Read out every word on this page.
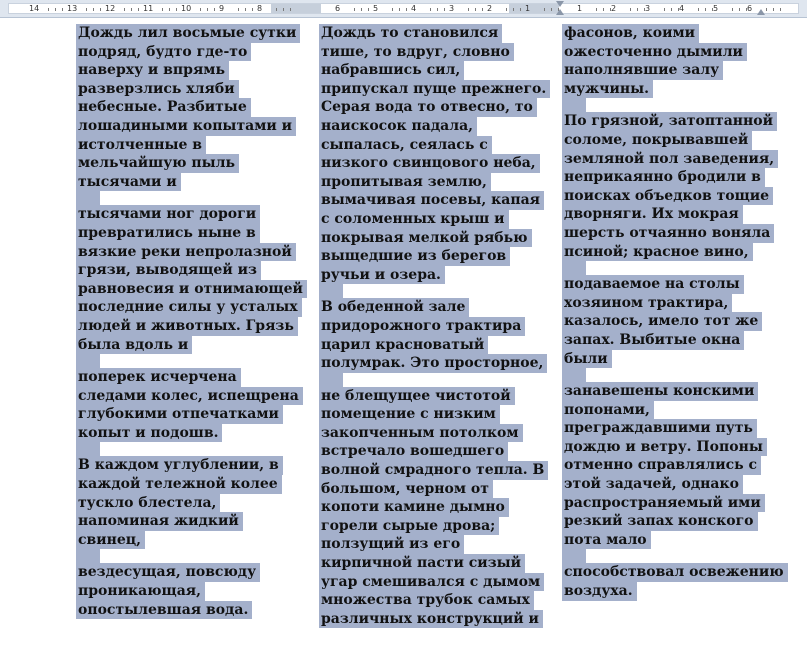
14	13	12	11	10	9	8	6	5	4	3	2	1	1	2	3	4	5	6
Дождь лил восьмые сутки
подряд, будто где-то
наверху и впрямь
разверзлись хляби
небесные. Разбитые
лошадиными копытами и
истолченные в
мельчайшую пыль
тысячами и
тысячами ног дороги
превратились ныне в
вязкие реки непролазной
грязи, выводящей из
равновесия и отнимающей
последние силы у усталых
людей и животных. Грязь
была вдоль и
поперек исчерчена
следами колес, испещрена
глубокими отпечатками
копыт и подошв.
В каждом углублении, в
каждой тележной колее
тускло блестела,
напоминая жидкий
свинец,
вездесущая, повсюду
проникающая,
опостылевшая вода.
Дождь то становился
тише, то вдруг, словно
набравшись сил,
припускал пуще прежнего.
Серая вода то отвесно, то
наискосок падала,
сыпалась, сеялась с
низкого свинцового неба,
пропитывая землю,
вымачивая посевы, капая
с соломенных крыш и
покрывая мелкой рябью
выщедшие из берегов
ручьи и озера.
В обеденной зале
придорожного трактира
царил красноватый
полумрак. Это просторное,
не блещущее чистотой
помещение с низким
закопченным потолком
встречало вошедшего
волной смрадного тепла. В
большом, черном от
копоти камине дымно
горели сырые дрова;
ползущий из его
кирпичной пасти сизый
угар смешивался с дымом
множества трубок самых
различных конструкций и
фасонов, коими
ожесточенно дымили
наполнявшие залу
мужчины.
По грязной, затоптанной
соломе, покрывавшей
земляной пол заведения,
неприкаянно бродили в
поисках объедков тощие
дворняги. Их мокрая
шерсть отчаянно воняла
псиной; красное вино,
подаваемое на столы
хозяином трактира,
казалось, имело тот же
запах. Выбитые окна
были
занавешены конскими
попонами,
преграждавшими путь
дождю и ветру. Попоны
отменно справлялись с
этой задачей, однако
распространяемый ими
резкий запах конского
пота мало
способствовал освежению
воздуха.
